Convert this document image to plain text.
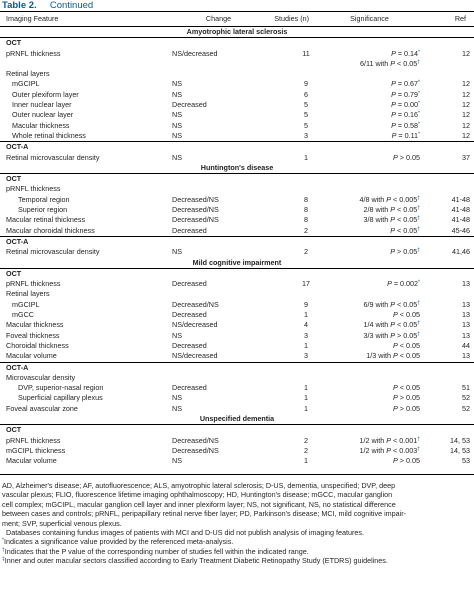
Table 2. Continued
Imaging Feature	Change	Studies (n)	Significance	Ref
Amyotrophic lateral sclerosis				
OCT				
pRNFL thickness	NS/decreased	11	P = 0.14*	12
			6/11 with P < 0.05†	
Retinal layers				
mGCIPL	NS	9	P = 0.67*	12
Outer plexiform layer	NS	6	P = 0.79*	12
Inner nuclear layer	Decreased	5	P = 0.00*	12
Outer nuclear layer	NS	5	P = 0.16*	12
Macular thickness	NS	5	P = 0.58*	12
Whole retinal thickness	NS	3	P = 0.11*	12
OCT-A				
Retinal microvascular density	NS	1	P > 0.05	37
Huntington's disease				
OCT				
pRNFL thickness				
Temporal region	Decreased/NS	8	4/8 with P < 0.005†	41-48
Superior region	Decreased/NS	8	2/8 with P < 0.05†	41-48
Macular retinal thickness	Decreased/NS	8	3/8 with P < 0.05†	41-48
Macular choroidal thickness	Decreased	2	P < 0.05†	45-46
OCT-A				
Retinal microvascular density	NS	2	P > 0.05†	41,46
Mild cognitive impairment				
OCT				
pRNFL thickness	Decreased	17	P = 0.002*	13
Retinal layers				
mGCIPL	Decreased/NS	9	6/9 with P < 0.05†	13
mGCC	Decreased	1	P < 0.05	13
Macular thickness	NS/decreased	4	1/4 with P < 0.05†	13
Foveal thickness	NS	3	3/3 with P > 0.05†	13
Choroidal thickness	Decreased	1	P < 0.05	44
Macular volume	NS/decreased	3	1/3 with P < 0.05	13
OCT-A				
Microvascular density				
DVP, superior-nasal region	Decreased	1	P < 0.05	51
Superficial capillary plexus	NS	1	P > 0.05	52
Foveal avascular zone	NS	1	P > 0.05	52
Unspecified dementia				
OCT				
pRNFL thickness	Decreased/NS	2	1/2 with P < 0.001†	14, 53
mGCIPL thickness	Decreased/NS	2	1/2 with P < 0.003†	14, 53
Macular volume	NS	1	P > 0.05	53
AD, Alzheimer's disease; AF, autofluorescence; ALS, amyotrophic lateral sclerosis; D-US, dementia, unspecified; DVP, deep
vascular plexus; FLIO, fluorescence lifetime imaging ophthalmoscopy; HD, Huntington's disease; mGCC, macular ganglion
cell complex; mGCIPL, macular ganglion cell layer and inner plexiform layer; NS, not significant, NS, no statistical difference
between cases and controls; pRNFL, peripapillary retinal nerve fiber layer; PD, Parkinson's disease; MCI, mild cognitive impair-
ment; SVP, superficial venous plexus.
Databases containing fundus images of patients with MCI and D-US did not publish analysis of imaging features.
*Indicates a significance value provided by the referenced meta-analysis.
†Indicates that the P value of the corresponding number of studies fell within the indicated range.
‡Inner and outer macular sectors classified according to Early Treatment Diabetic Retinopathy Study (ETDRS) guidelines.
